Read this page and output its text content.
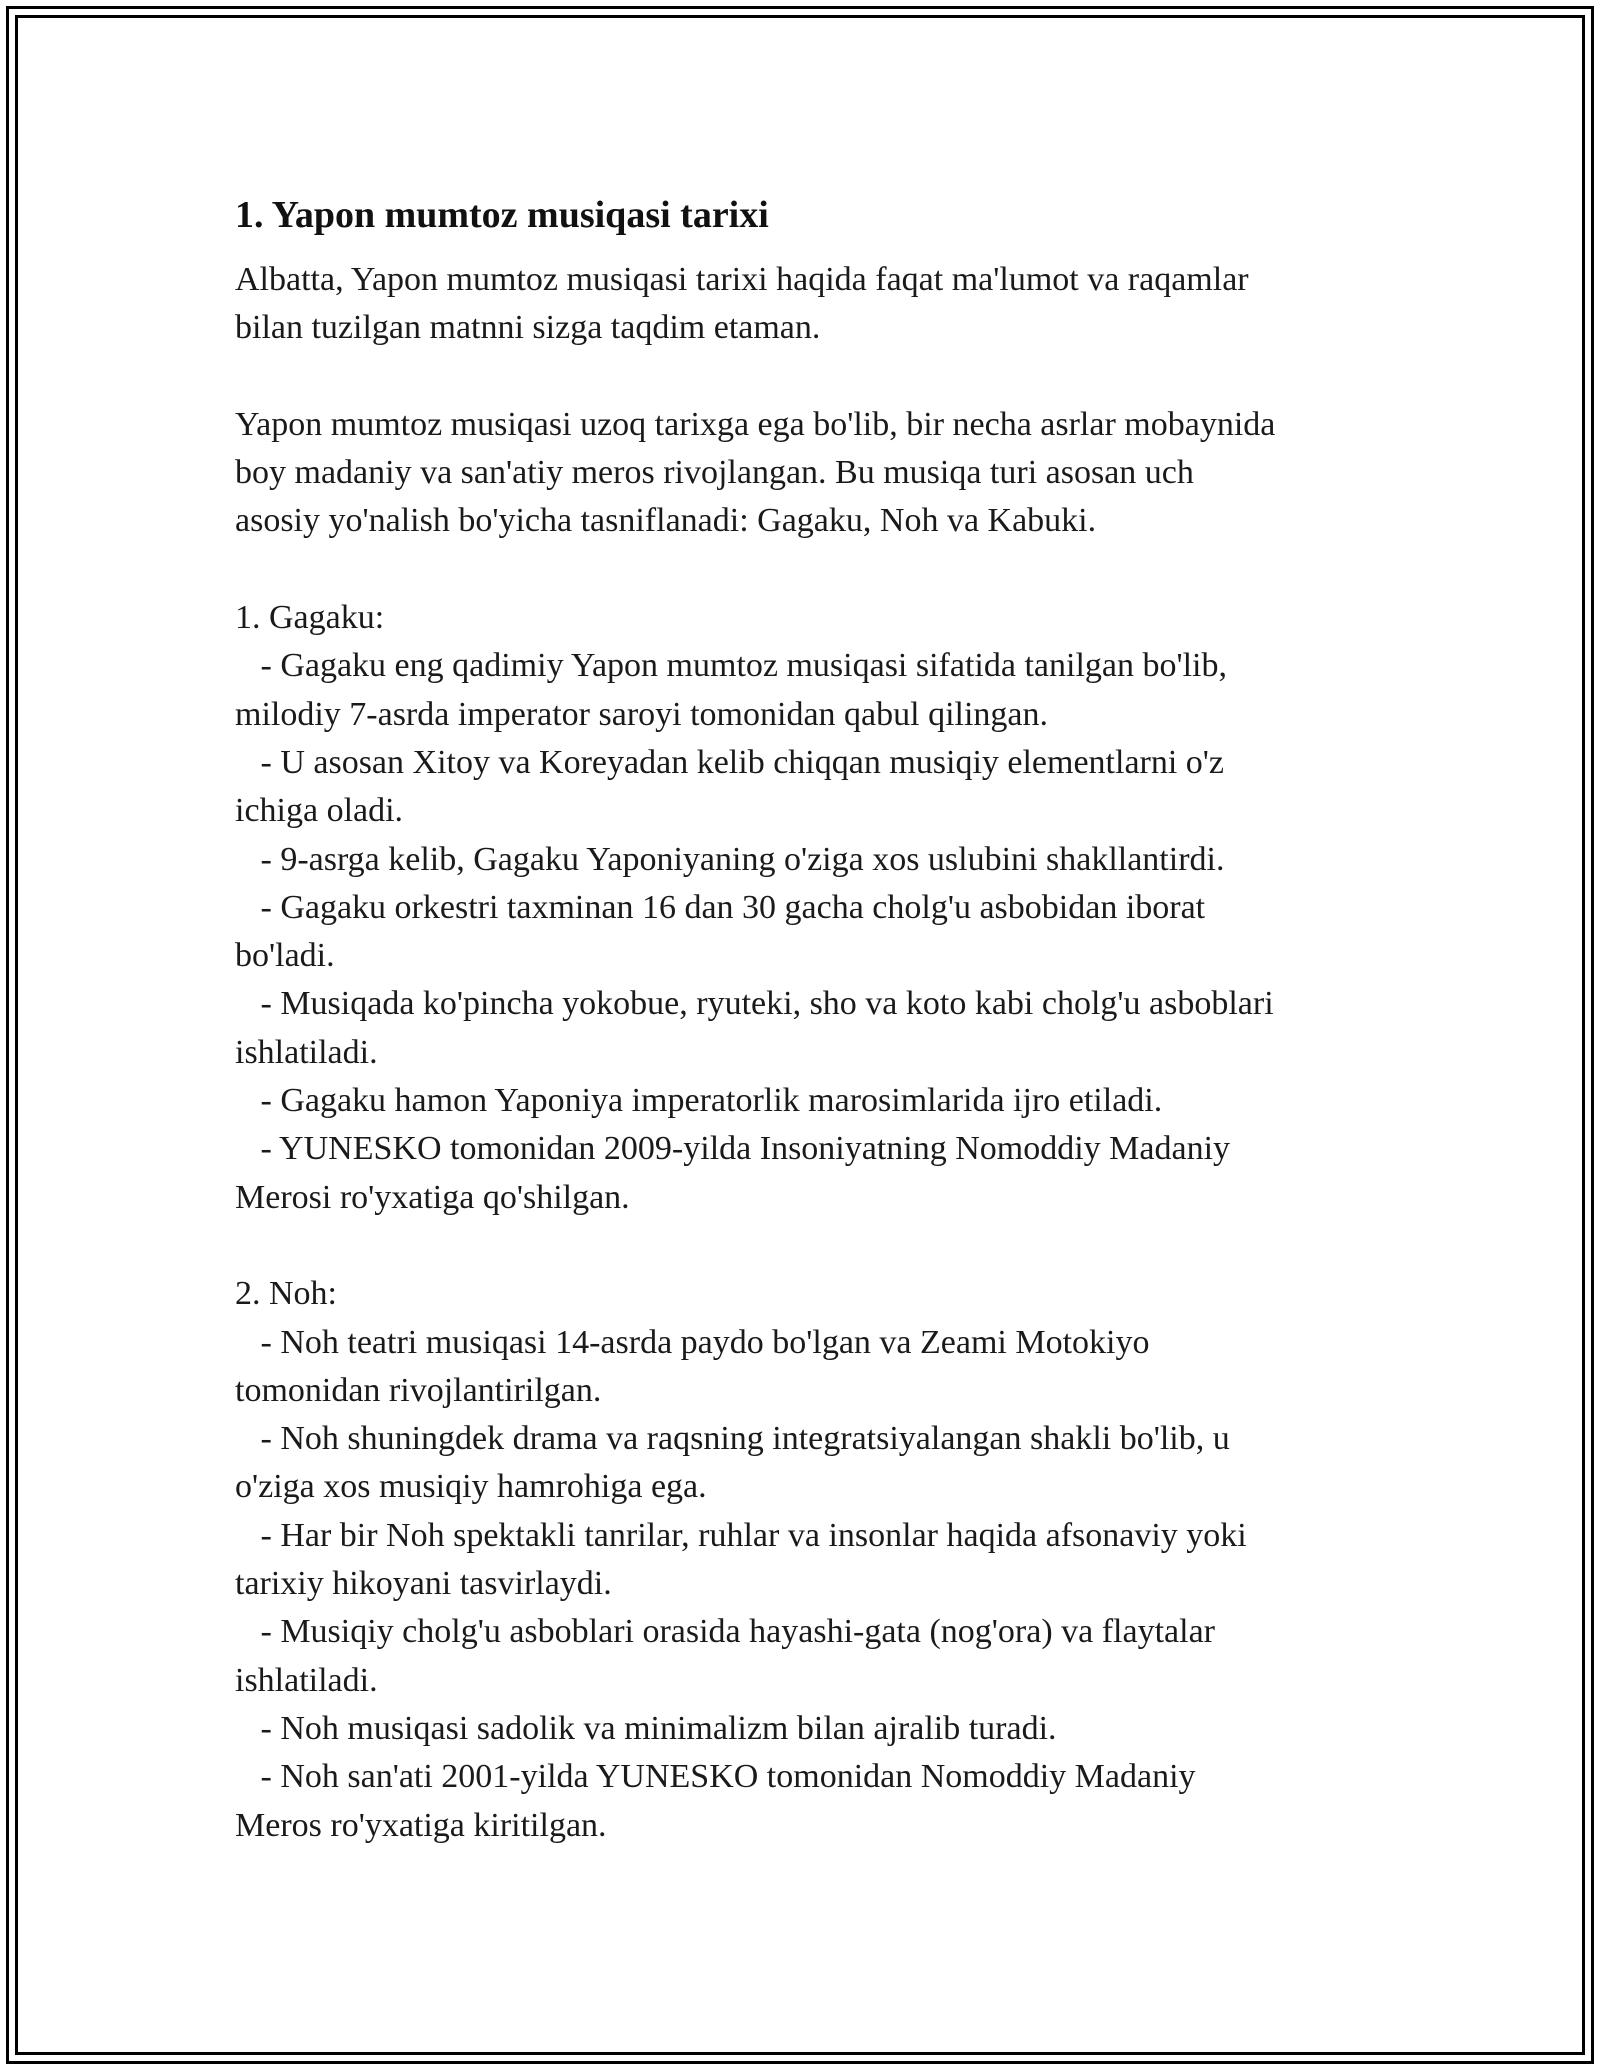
1. Yapon mumtoz musiqasi tarixi

Albatta, Yapon mumtoz musiqasi tarixi haqida faqat ma'lumot va raqamlar
bilan tuzilgan matnni sizga taqdim etaman.

Yapon mumtoz musiqasi uzoq tarixga ega bo'lib, bir necha asrlar mobaynida
boy madaniy va san'atiy meros rivojlangan. Bu musiqa turi asosan uch
asosiy yo'nalish bo'yicha tasniflanadi: Gagaku, Noh va Kabuki.

1. Gagaku:

- Gagaku eng qadimiy Yapon mumtoz musiqasi sifatida tanilgan bo'lib,
milodiy 7-asrda imperator saroyi tomonidan qabul qilingan.

- U asosan Xitoy va Koreyadan kelib chiqqan musiqiy elementlarni o'z
ichiga oladi.

- 9-asrga kelib, Gagaku Yaponiyaning o'ziga xos uslubini shakllantirdi.

- Gagaku orkestri taxminan 16 dan 30 gacha cholg'u asbobidan iborat
bo'ladi.

- Musiqada ko'pincha yokobue, ryuteki, sho va koto kabi cholg'u asboblari
ishlatiladi.

- Gagaku hamon Yaponiya imperatorlik marosimlarida ijro etiladi.

- YUNESKO tomonidan 2009-yilda Insoniyatning Nomoddiy Madaniy
Merosi ro'yxatiga qo'shilgan.

2. Noh:

- Noh teatri musiqasi 14-asrda paydo bo'lgan va Zeami Motokiyo
tomonidan rivojlantirilgan.

- Noh shuningdek drama va raqsning integratsiyalangan shakli bo'lib, u
o'ziga xos musiqiy hamrohiga ega.

- Har bir Noh spektakli tanrilar, ruhlar va insonlar haqida afsonaviy yoki
tarixiy hikoyani tasvirlaydi.

- Musiqiy cholg'u asboblari orasida hayashi-gata (nog'ora) va flaytalar
ishlatiladi.

- Noh musiqasi sadolik va minimalizm bilan ajralib turadi.

- Noh san'ati 2001-yilda YUNESKO tomonidan Nomoddiy Madaniy
Meros ro'yxatiga kiritilgan.
